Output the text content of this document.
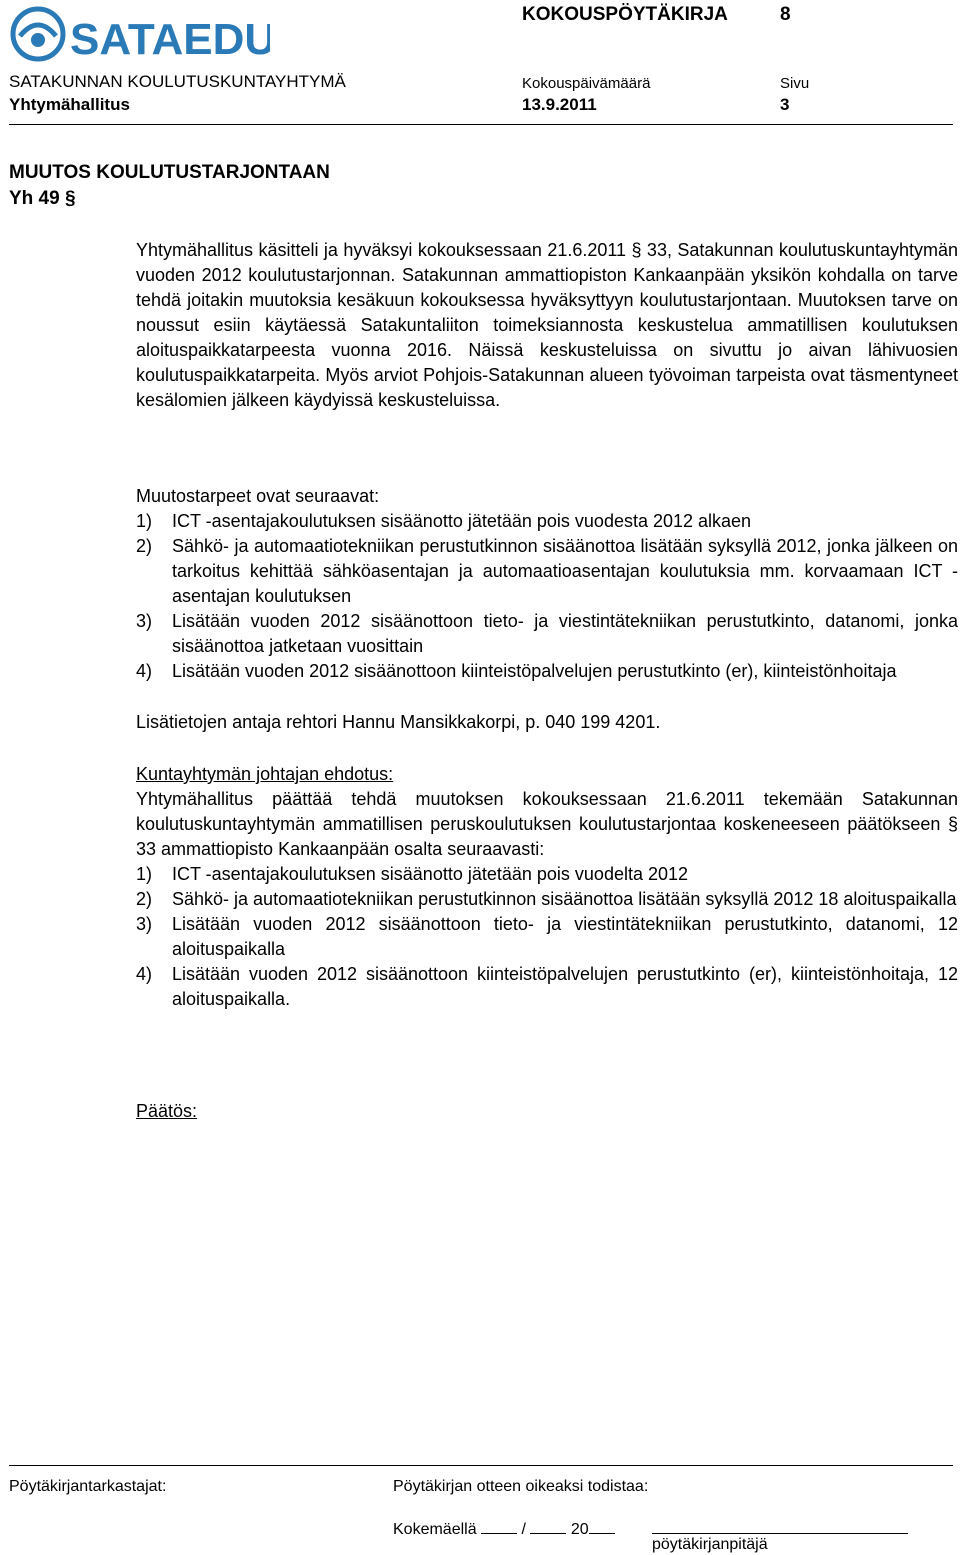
SATAEDU
KOKOUSPÖYTÄKIRJA	8
SATAKUNNAN KOULUTUSKUNTAYHTYMÄ	Kokouspäivämäärä	Sivu
Yhtymähallitus	13.9.2011	3
MUUTOS KOULUTUSTARJONTAAN
Yh 49 §

Yhtymähallitus käsitteli ja hyväksyi kokouksessaan 21.6.2011 § 33, Satakunnan koulutuskuntayhtymän vuoden 2012 koulutustarjonnan. Satakunnan ammattiopiston Kankaanpään yksikön kohdalla on tarve tehdä joitakin muutoksia kesäkuun kokouksessa hyväksyttyyn koulutustarjontaan. Muutoksen tarve on noussut esiin käytäessä Satakuntaliiton toimeksiannosta keskustelua ammatillisen koulutuksen aloituspaikkatarpeesta vuonna 2016. Näissä keskusteluissa on sivuttu jo aivan lähivuosien koulutuspaikkatarpeita. Myös arviot Pohjois-Satakunnan alueen työvoiman tarpeista ovat täsmentyneet kesälomien jälkeen käydyissä keskusteluissa.

Muutostarpeet ovat seuraavat:

1) ICT -asentajakoulutuksen sisäänotto jätetään pois vuodesta 2012 alkaen
2) Sähkö- ja automaatiotekniikan perustutkinnon sisäänottoa lisätään syksyllä 2012, jonka jälkeen on tarkoitus kehittää sähköasentajan ja automaatioasentajan koulutuksia mm. korvaamaan ICT -asentajan koulutuksen
3) Lisätään vuoden 2012 sisäänottoon tieto- ja viestintätekniikan perustutkinto, datanomi, jonka sisäänottoa jatketaan vuosittain
4) Lisätään vuoden 2012 sisäänottoon kiinteistöpalvelujen perustutkinto (er), kiinteistönhoitaja

Lisätietojen antaja rehtori Hannu Mansikkakorpi, p. 040 199 4201.

Kuntayhtymän johtajan ehdotus:

Yhtymähallitus päättää tehdä muutoksen kokouksessaan 21.6.2011 tekemään Satakunnan koulutuskuntayhtymän ammatillisen peruskoulutuksen koulutustarjontaa koskeneeseen päätökseen § 33 ammattiopisto Kankaanpään osalta seuraavasti:

1) ICT -asentajakoulutuksen sisäänotto jätetään pois vuodelta 2012
2) Sähkö- ja automaatiotekniikan perustutkinnon sisäänottoa lisätään syksyllä 2012 18 aloituspaikalla
3) Lisätään vuoden 2012 sisäänottoon tieto- ja viestintätekniikan perustutkinto, datanomi, 12 aloituspaikalla
4) Lisätään vuoden 2012 sisäänottoon kiinteistöpalvelujen perustutkinto (er), kiinteistönhoitaja, 12 aloituspaikalla.

Päätös:

Pöytäkirjantarkastajat:	Pöytäkirjan otteen oikeaksi todistaa:
Kokemäellä	/	20
pöytäkirjanpitäjä
